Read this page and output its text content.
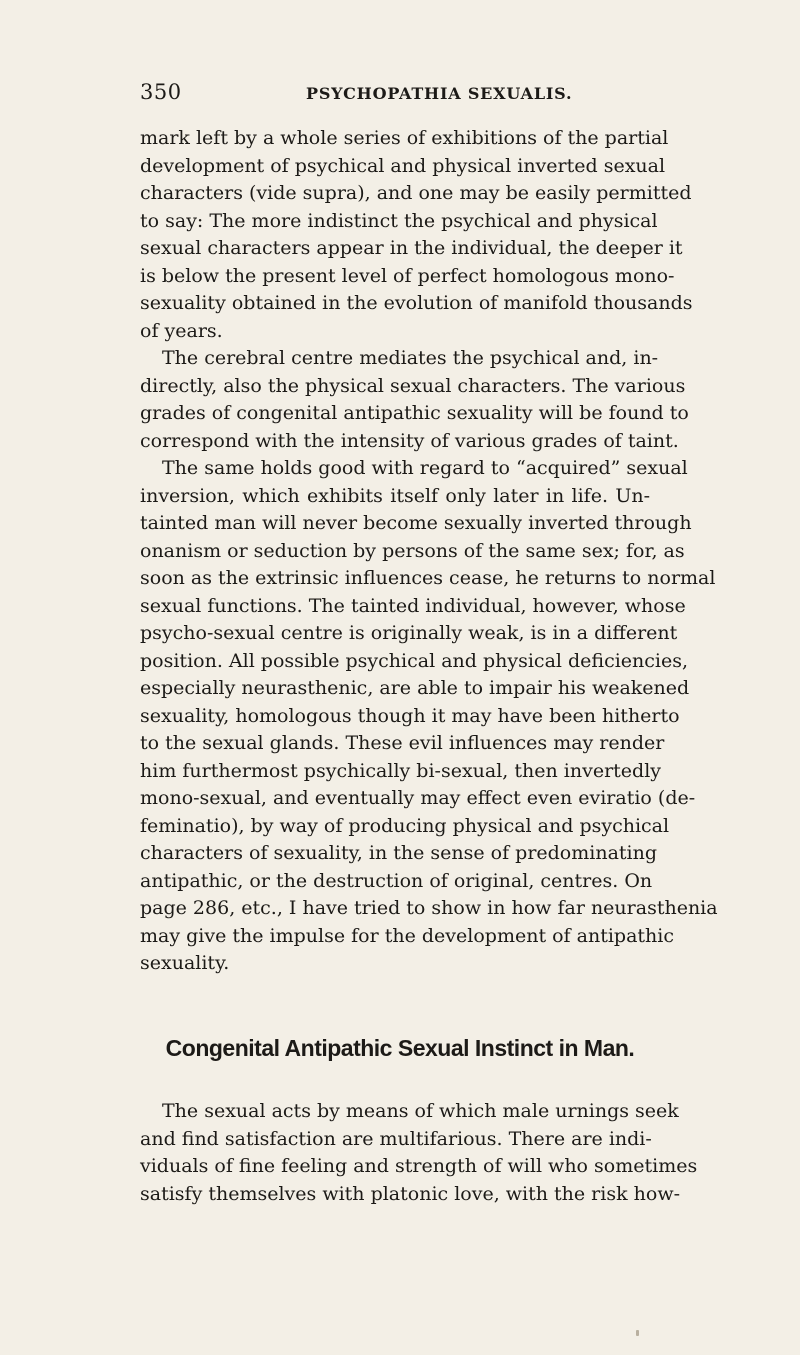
350	PSYCHOPATHIA SEXUALIS.
mark left by a whole series of exhibitions of the partial
development of psychical and physical inverted sexual
characters (vide supra), and one may be easily permitted
to say: The more indistinct the psychical and physical
sexual characters appear in the individual, the deeper it
is below the present level of perfect homologous mono-
sexuality obtained in the evolution of manifold thousands
of years.
The cerebral centre mediates the psychical and, in-
directly, also the physical sexual characters. The various
grades of congenital antipathic sexuality will be found to
correspond with the intensity of various grades of taint.
The same holds good with regard to “acquired” sexual
inversion, which exhibits itself only later in life. Un-
tainted man will never become sexually inverted through
onanism or seduction by persons of the same sex; for, as
soon as the extrinsic influences cease, he returns to normal
sexual functions. The tainted individual, however, whose
psycho-sexual centre is originally weak, is in a different
position. All possible psychical and physical deficiencies,
especially neurasthenic, are able to impair his weakened
sexuality, homologous though it may have been hitherto
to the sexual glands. These evil influences may render
him furthermost psychically bi-sexual, then invertedly
mono-sexual, and eventually may effect even eviratio (de-
feminatio), by way of producing physical and psychical
characters of sexuality, in the sense of predominating
antipathic, or the destruction of original, centres. On
page 286, etc., I have tried to show in how far neurasthenia
may give the impulse for the development of antipathic
sexuality.
Congenital Antipathic Sexual Instinct in Man.
The sexual acts by means of which male urnings seek
and find satisfaction are multifarious. There are indi-
viduals of fine feeling and strength of will who sometimes
satisfy themselves with platonic love, with the risk how-
